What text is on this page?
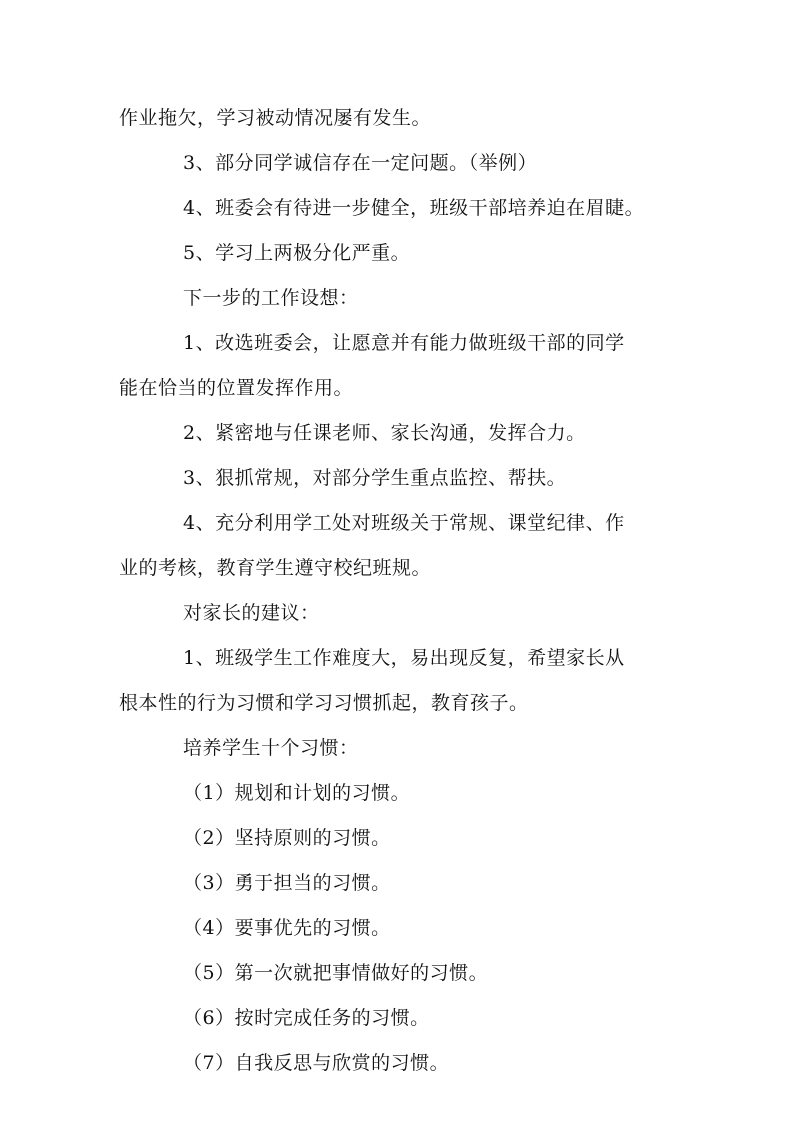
作业拖欠，学习被动情况屡有发生。
3、部分同学诚信存在一定问题。（举例）
4、班委会有待进一步健全，班级干部培养迫在眉睫。
5、学习上两极分化严重。
下一步的工作设想：
1、改选班委会，让愿意并有能力做班级干部的同学
能在恰当的位置发挥作用。
2、紧密地与任课老师、家长沟通，发挥合力。
3、狠抓常规，对部分学生重点监控、帮扶。
4、充分利用学工处对班级关于常规、课堂纪律、作
业的考核，教育学生遵守校纪班规。
对家长的建议：
1、班级学生工作难度大，易出现反复，希望家长从
根本性的行为习惯和学习习惯抓起，教育孩子。
培养学生十个习惯：
（1）规划和计划的习惯。
（2）坚持原则的习惯。
（3）勇于担当的习惯。
（4）要事优先的习惯。
（5）第一次就把事情做好的习惯。
（6）按时完成任务的习惯。
（7）自我反思与欣赏的习惯。
